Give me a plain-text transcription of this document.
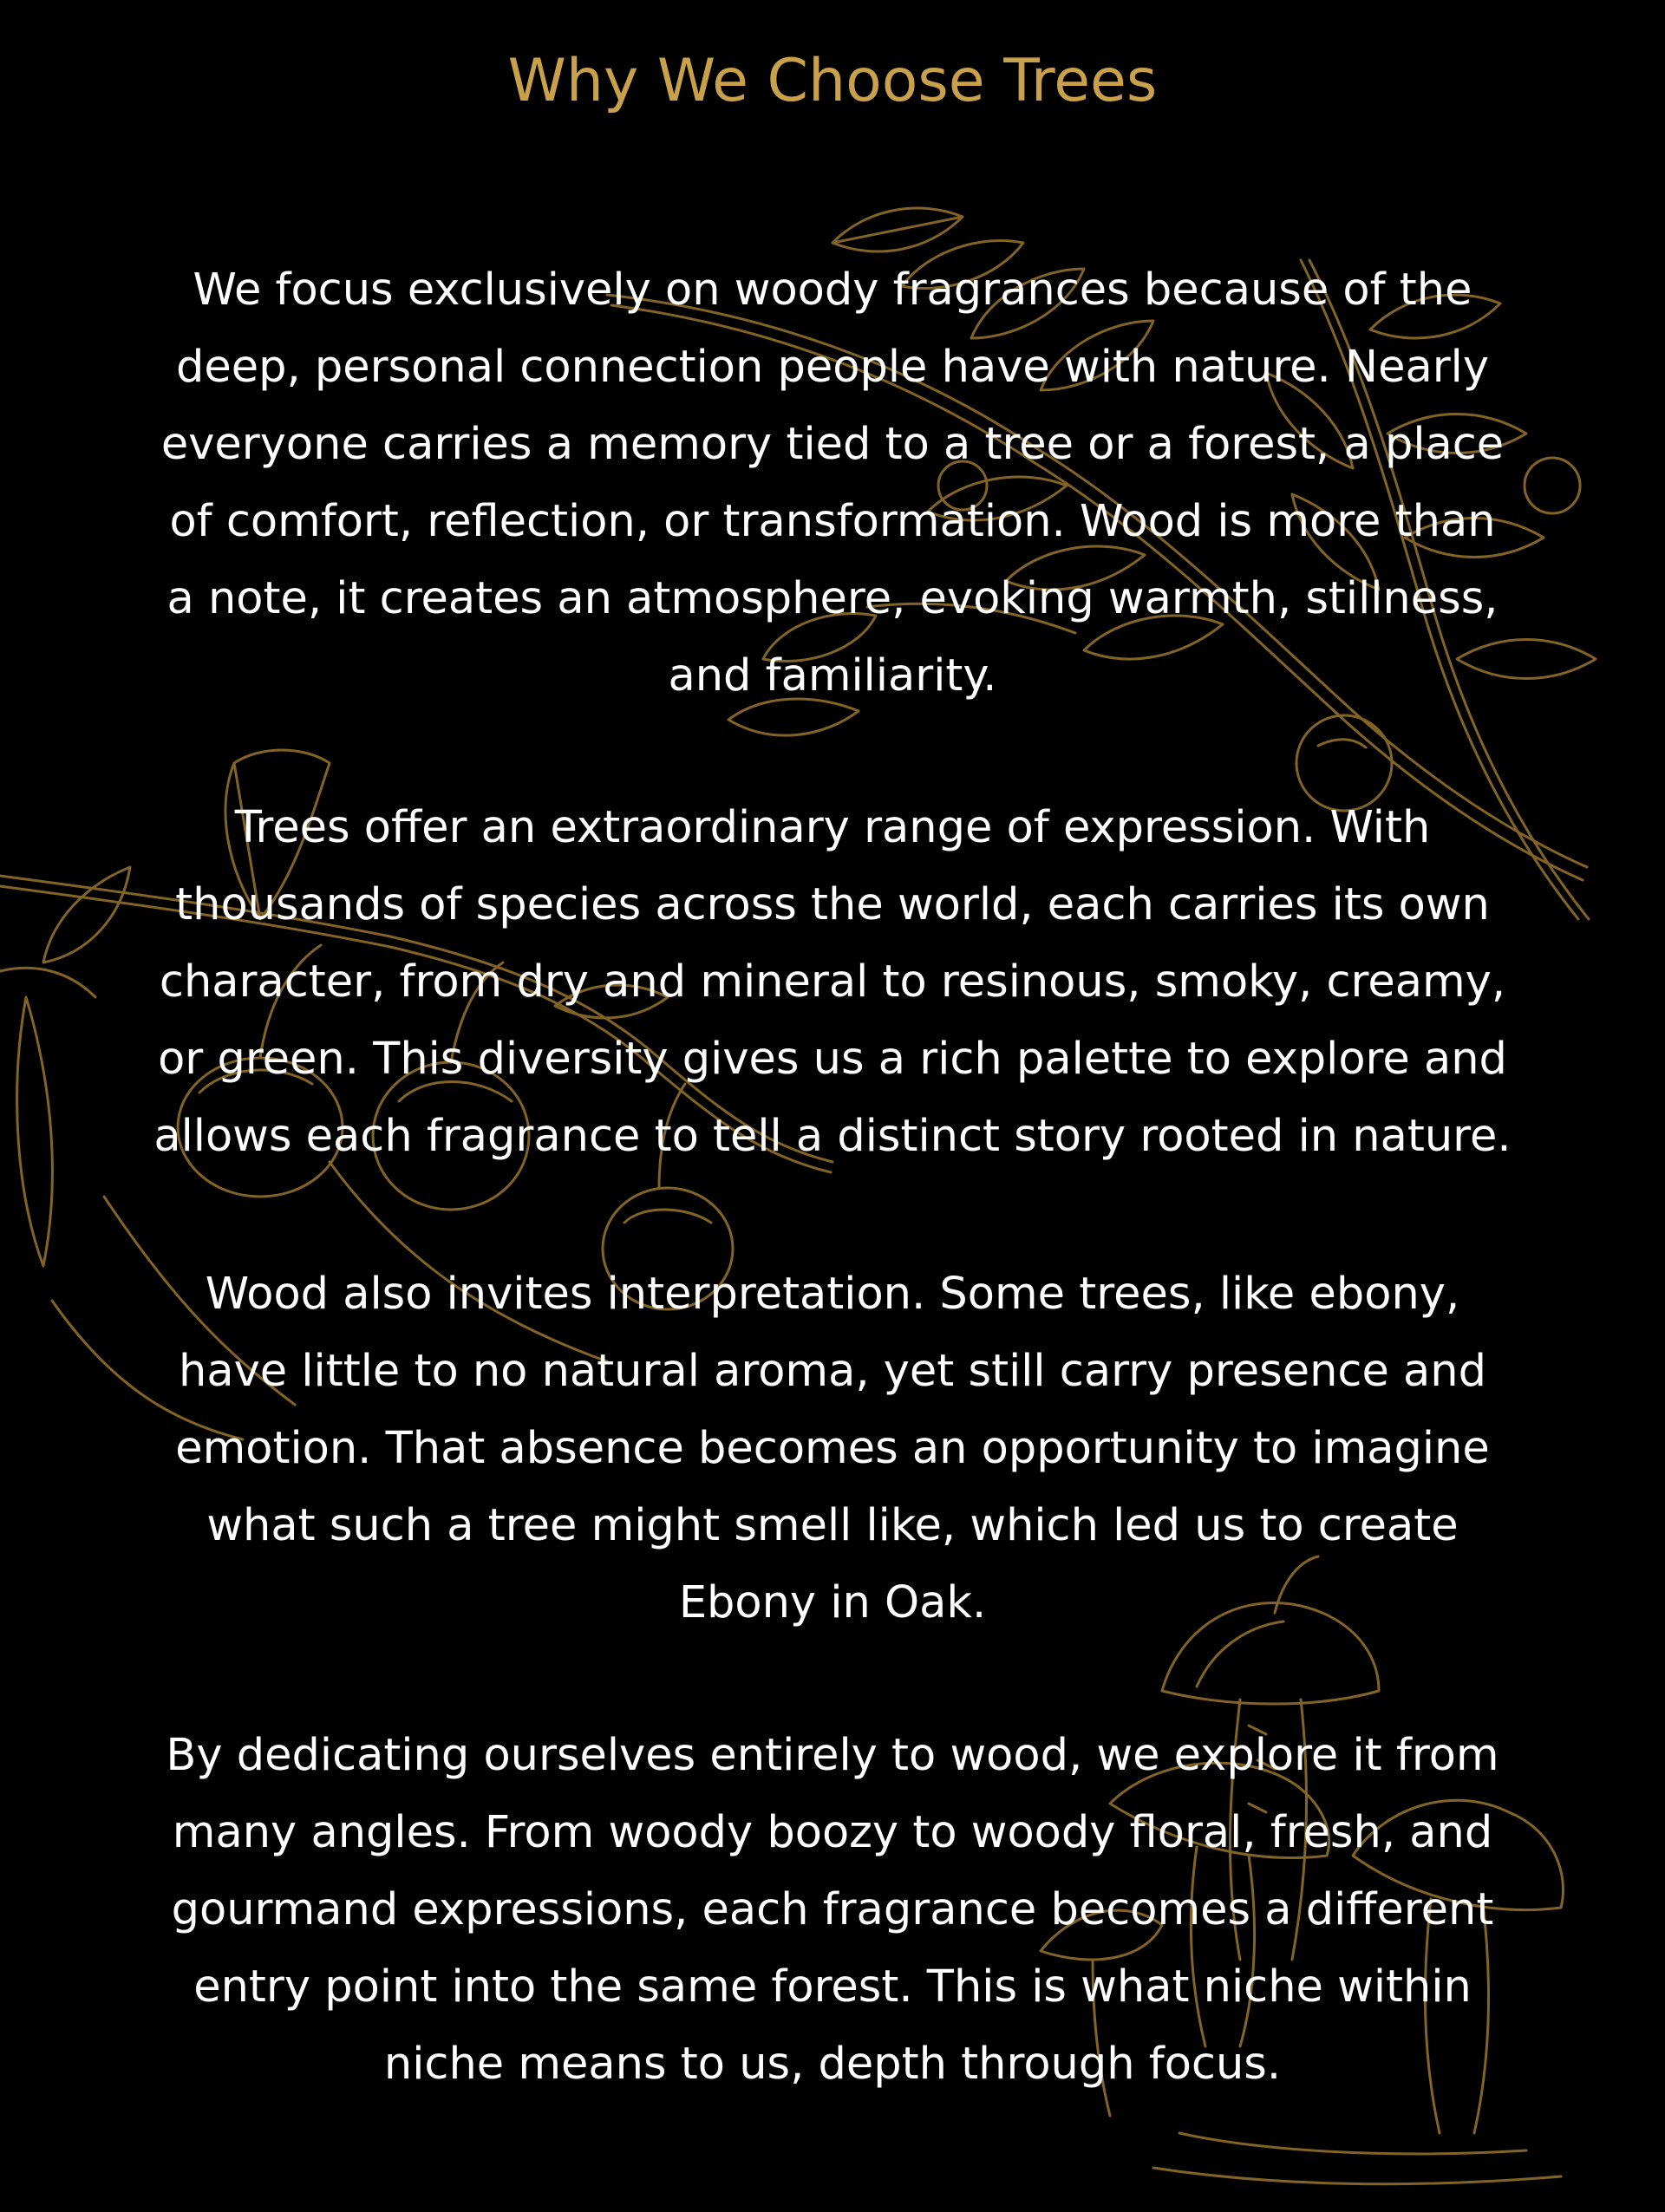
Why We Choose Trees

We focus exclusively on woody fragrances because of the
deep, personal connection people have with nature. Nearly
everyone carries a memory tied to a tree or a forest, a place
of comfort, reflection, or transformation. Wood is more than
a note, it creates an atmosphere, evoking warmth, stillness,
and familiarity.

Trees offer an extraordinary range of expression. With
thousands of species across the world, each carries its own
character, from dry and mineral to resinous, smoky, creamy,
or green. This diversity gives us a rich palette to explore and
allows each fragrance to tell a distinct story rooted in nature.

Wood also invites interpretation. Some trees, like ebony,
have little to no natural aroma, yet still carry presence and
emotion. That absence becomes an opportunity to imagine
what such a tree might smell like, which led us to create
Ebony in Oak.

By dedicating ourselves entirely to wood, we explore it from
many angles. From woody boozy to woody floral, fresh, and
gourmand expressions, each fragrance becomes a different
entry point into the same forest. This is what niche within
niche means to us, depth through focus.
